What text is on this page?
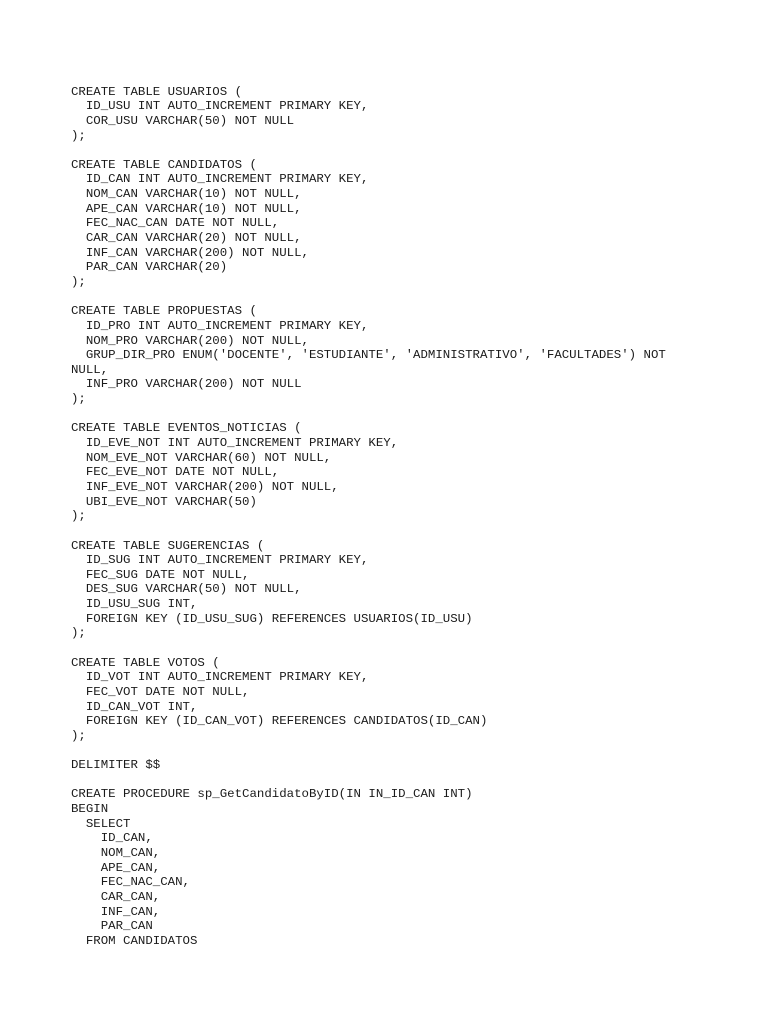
CREATE TABLE USUARIOS (
ID_USU INT AUTO_INCREMENT PRIMARY KEY,
COR_USU VARCHAR(50) NOT NULL
);
CREATE TABLE CANDIDATOS (
ID_CAN INT AUTO_INCREMENT PRIMARY KEY,
NOM_CAN VARCHAR(10) NOT NULL,
APE_CAN VARCHAR(10) NOT NULL,
FEC_NAC_CAN DATE NOT NULL,
CAR_CAN VARCHAR(20) NOT NULL,
INF_CAN VARCHAR(200) NOT NULL,
PAR_CAN VARCHAR(20)
);
CREATE TABLE PROPUESTAS (
ID_PRO INT AUTO_INCREMENT PRIMARY KEY,
NOM_PRO VARCHAR(200) NOT NULL,
GRUP_DIR_PRO ENUM('DOCENTE', 'ESTUDIANTE', 'ADMINISTRATIVO', 'FACULTADES') NOT
NULL,
INF_PRO VARCHAR(200) NOT NULL
);
CREATE TABLE EVENTOS_NOTICIAS (
ID_EVE_NOT INT AUTO_INCREMENT PRIMARY KEY,
NOM_EVE_NOT VARCHAR(60) NOT NULL,
FEC_EVE_NOT DATE NOT NULL,
INF_EVE_NOT VARCHAR(200) NOT NULL,
UBI_EVE_NOT VARCHAR(50)
);
CREATE TABLE SUGERENCIAS (
ID_SUG INT AUTO_INCREMENT PRIMARY KEY,
FEC_SUG DATE NOT NULL,
DES_SUG VARCHAR(50) NOT NULL,
ID_USU_SUG INT,
FOREIGN KEY (ID_USU_SUG) REFERENCES USUARIOS(ID_USU)
);
CREATE TABLE VOTOS (
ID_VOT INT AUTO_INCREMENT PRIMARY KEY,
FEC_VOT DATE NOT NULL,
ID_CAN_VOT INT,
FOREIGN KEY (ID_CAN_VOT) REFERENCES CANDIDATOS(ID_CAN)
);
DELIMITER $$
CREATE PROCEDURE sp_GetCandidatoByID(IN IN_ID_CAN INT)
BEGIN
SELECT
ID_CAN,
NOM_CAN,
APE_CAN,
FEC_NAC_CAN,
CAR_CAN,
INF_CAN,
PAR_CAN
FROM CANDIDATOS
